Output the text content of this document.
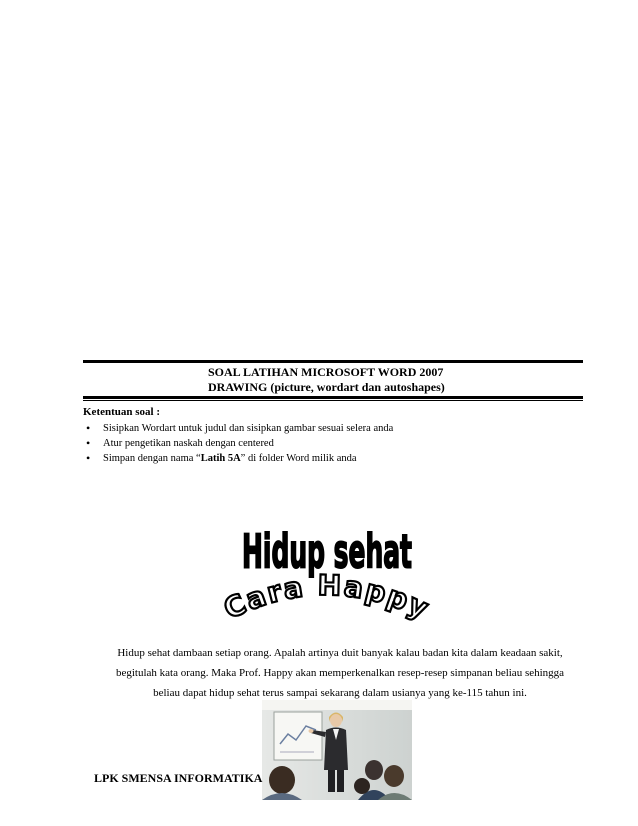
SOAL LATIHAN MICROSOFT WORD 2007
DRAWING (picture, wordart dan autoshapes)
Ketentuan soal :
• Sisipkan Wordart untuk judul dan sisipkan gambar sesuai selera anda
• Atur pengetikan naskah dengan centered
• Simpan dengan nama “Latih 5A” di folder Word milik anda
Hidup sehat
Cara Happy
Hidup sehat dambaan setiap orang. Apalah artinya duit banyak kalau badan kita dalam keadaan sakit,
begitulah kata orang. Maka Prof. Happy akan memperkenalkan resep-resep simpanan beliau sehingga
beliau dapat hidup sehat terus sampai sekarang dalam usianya yang ke-115 tahun ini.
LPK SMENSA INFORMATIKA
